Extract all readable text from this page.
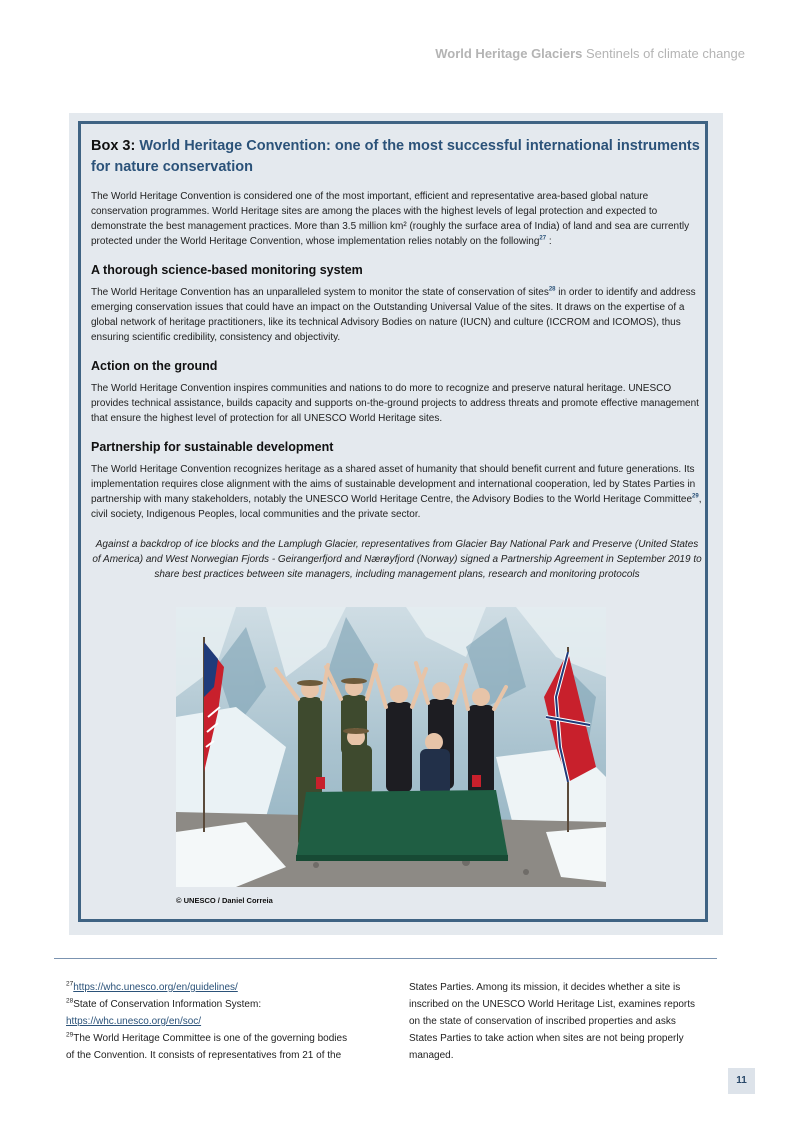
World Heritage Glaciers Sentinels of climate change
Box 3: World Heritage Convention: one of the most successful international instruments for nature conservation

The World Heritage Convention is considered one of the most important, efficient and representative area-based global nature conservation programmes. World Heritage sites are among the places with the highest levels of legal protection and expected to demonstrate the best management practices. More than 3.5 million km² (roughly the surface area of India) of land and sea are currently protected under the World Heritage Convention, whose implementation relies notably on the following$^{27}$ :

A thorough science-based monitoring system

The World Heritage Convention has an unparalleled system to monitor the state of conservation of sites$^{28}$ in order to identify and address emerging conservation issues that could have an impact on the Outstanding Universal Value of the sites. It draws on the expertise of a global network of heritage practitioners, like its technical Advisory Bodies on nature (IUCN) and culture (ICCROM and ICOMOS), thus ensuring scientific credibility, consistency and objectivity.

Action on the ground

The World Heritage Convention inspires communities and nations to do more to recognize and preserve natural heritage. UNESCO provides technical assistance, builds capacity and supports on-the-ground projects to address threats and promote effective management that ensure the highest level of protection for all UNESCO World Heritage sites.

Partnership for sustainable development

The World Heritage Convention recognizes heritage as a shared asset of humanity that should benefit current and future generations. Its implementation requires close alignment with the aims of sustainable development and international cooperation, led by States Parties in partnership with many stakeholders, notably the UNESCO World Heritage Centre, the Advisory Bodies to the World Heritage Committee$^{29}$, civil society, Indigenous Peoples, local communities and the private sector.

Against a backdrop of ice blocks and the Lamplugh Glacier, representatives from Glacier Bay National Park and Preserve (United States of America) and West Norwegian Fjords - Geirangerfjord and Nærøyfjord (Norway) signed a Partnership Agreement in September 2019 to share best practices between site managers, including management plans, research and monitoring protocols

© UNESCO / Daniel Correia
$^{27}$https://whc.unesco.org/en/guidelines/
$^{28}$State of Conservation Information System:
https://whc.unesco.org/en/soc/
$^{29}$The World Heritage Committee is one of the governing bodies
of the Convention. It consists of representatives from 21 of the
States Parties. Among its mission, it decides whether a site is
inscribed on the UNESCO World Heritage List, examines reports
on the state of conservation of inscribed properties and asks
States Parties to take action when sites are not being properly
managed.
11
